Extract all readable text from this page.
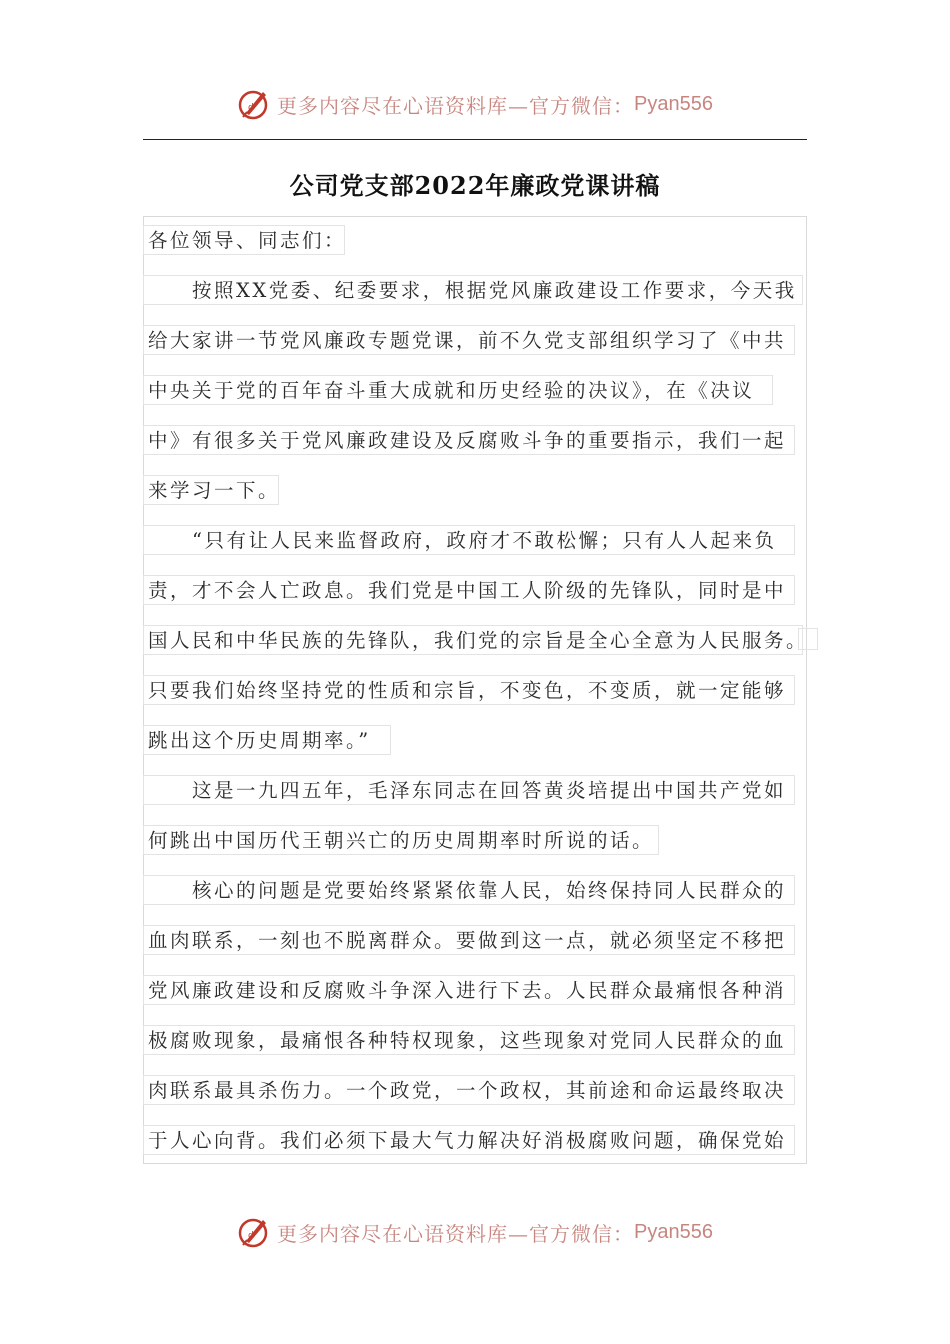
d 更多内容尽在心语资料库—官方微信： Pyan556
公司党支部2022年廉政党课讲稿
各位领导、同志们：
按照XX党委、纪委要求，根据党风廉政建设工作要求，今天我
给大家讲一节党风廉政专题党课，前不久党支部组织学习了《中共
中央关于党的百年奋斗重大成就和历史经验的决议》，在《决议
中》有很多关于党风廉政建设及反腐败斗争的重要指示，我们一起
来学习一下。
“只有让人民来监督政府，政府才不敢松懈；只有人人起来负
责，才不会人亡政息。我们党是中国工人阶级的先锋队，同时是中
国人民和中华民族的先锋队，我们党的宗旨是全心全意为人民服务。
只要我们始终坚持党的性质和宗旨，不变色，不变质，就一定能够
跳出这个历史周期率。”
这是一九四五年，毛泽东同志在回答黄炎培提出中国共产党如
何跳出中国历代王朝兴亡的历史周期率时所说的话。
核心的问题是党要始终紧紧依靠人民，始终保持同人民群众的
血肉联系，一刻也不脱离群众。要做到这一点，就必须坚定不移把
党风廉政建设和反腐败斗争深入进行下去。人民群众最痛恨各种消
极腐败现象，最痛恨各种特权现象，这些现象对党同人民群众的血
肉联系最具杀伤力。一个政党，一个政权，其前途和命运最终取决
于人心向背。我们必须下最大气力解决好消极腐败问题，确保党始
d 更多内容尽在心语资料库—官方微信： Pyan556
